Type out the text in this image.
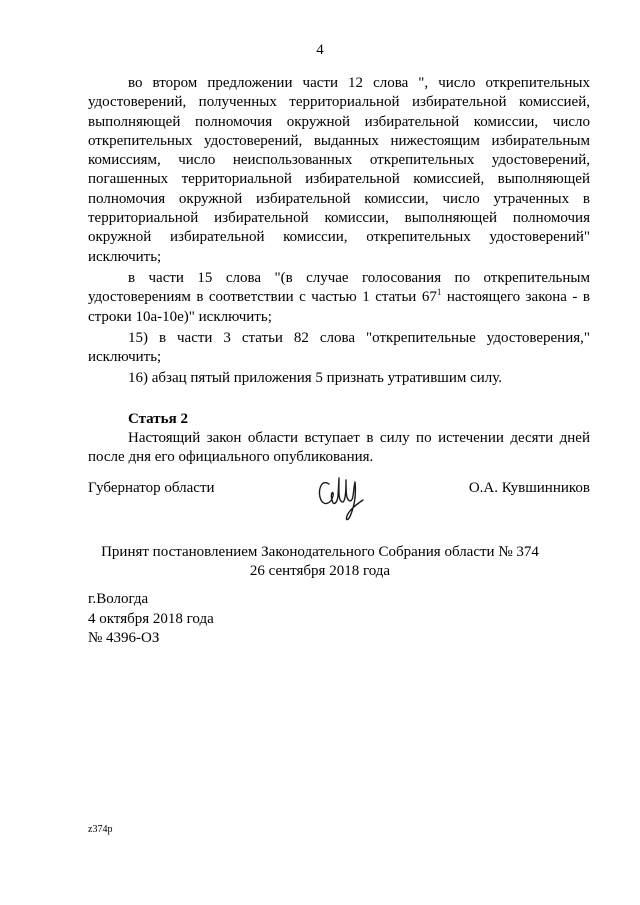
4

во втором предложении части 12 слова ", число открепительных удостоверений, полученных территориальной избирательной комиссией, выполняющей полномочия окружной избирательной комиссии, число открепительных удостоверений, выданных нижестоящим избирательным комиссиям, число неиспользованных открепительных удостоверений, погашенных территориальной избирательной комиссией, выполняющей полномочия окружной избирательной комиссии, число утраченных в территориальной избирательной комиссии, выполняющей полномочия окружной избирательной комиссии, открепительных удостоверений" исключить;

в части 15 слова "(в случае голосования по открепительным удостоверениям в соответствии с частью 1 статьи $67^1$ настоящего закона - в строки 10а-10е)" исключить;

15) в части 3 статьи 82 слова "открепительные удостоверения," исключить;

16) абзац пятый приложения 5 признать утратившим силу.

Статья 2

Настоящий закон области вступает в силу по истечении десяти дней после дня его официального опубликования.

Губернатор области	О.А. Кувшинников
Принят постановлением Законодательного Собрания области № 374
26 сентября 2018 года
г.Вологда
4 октября 2018 года
№ 4396-ОЗ
z374p
